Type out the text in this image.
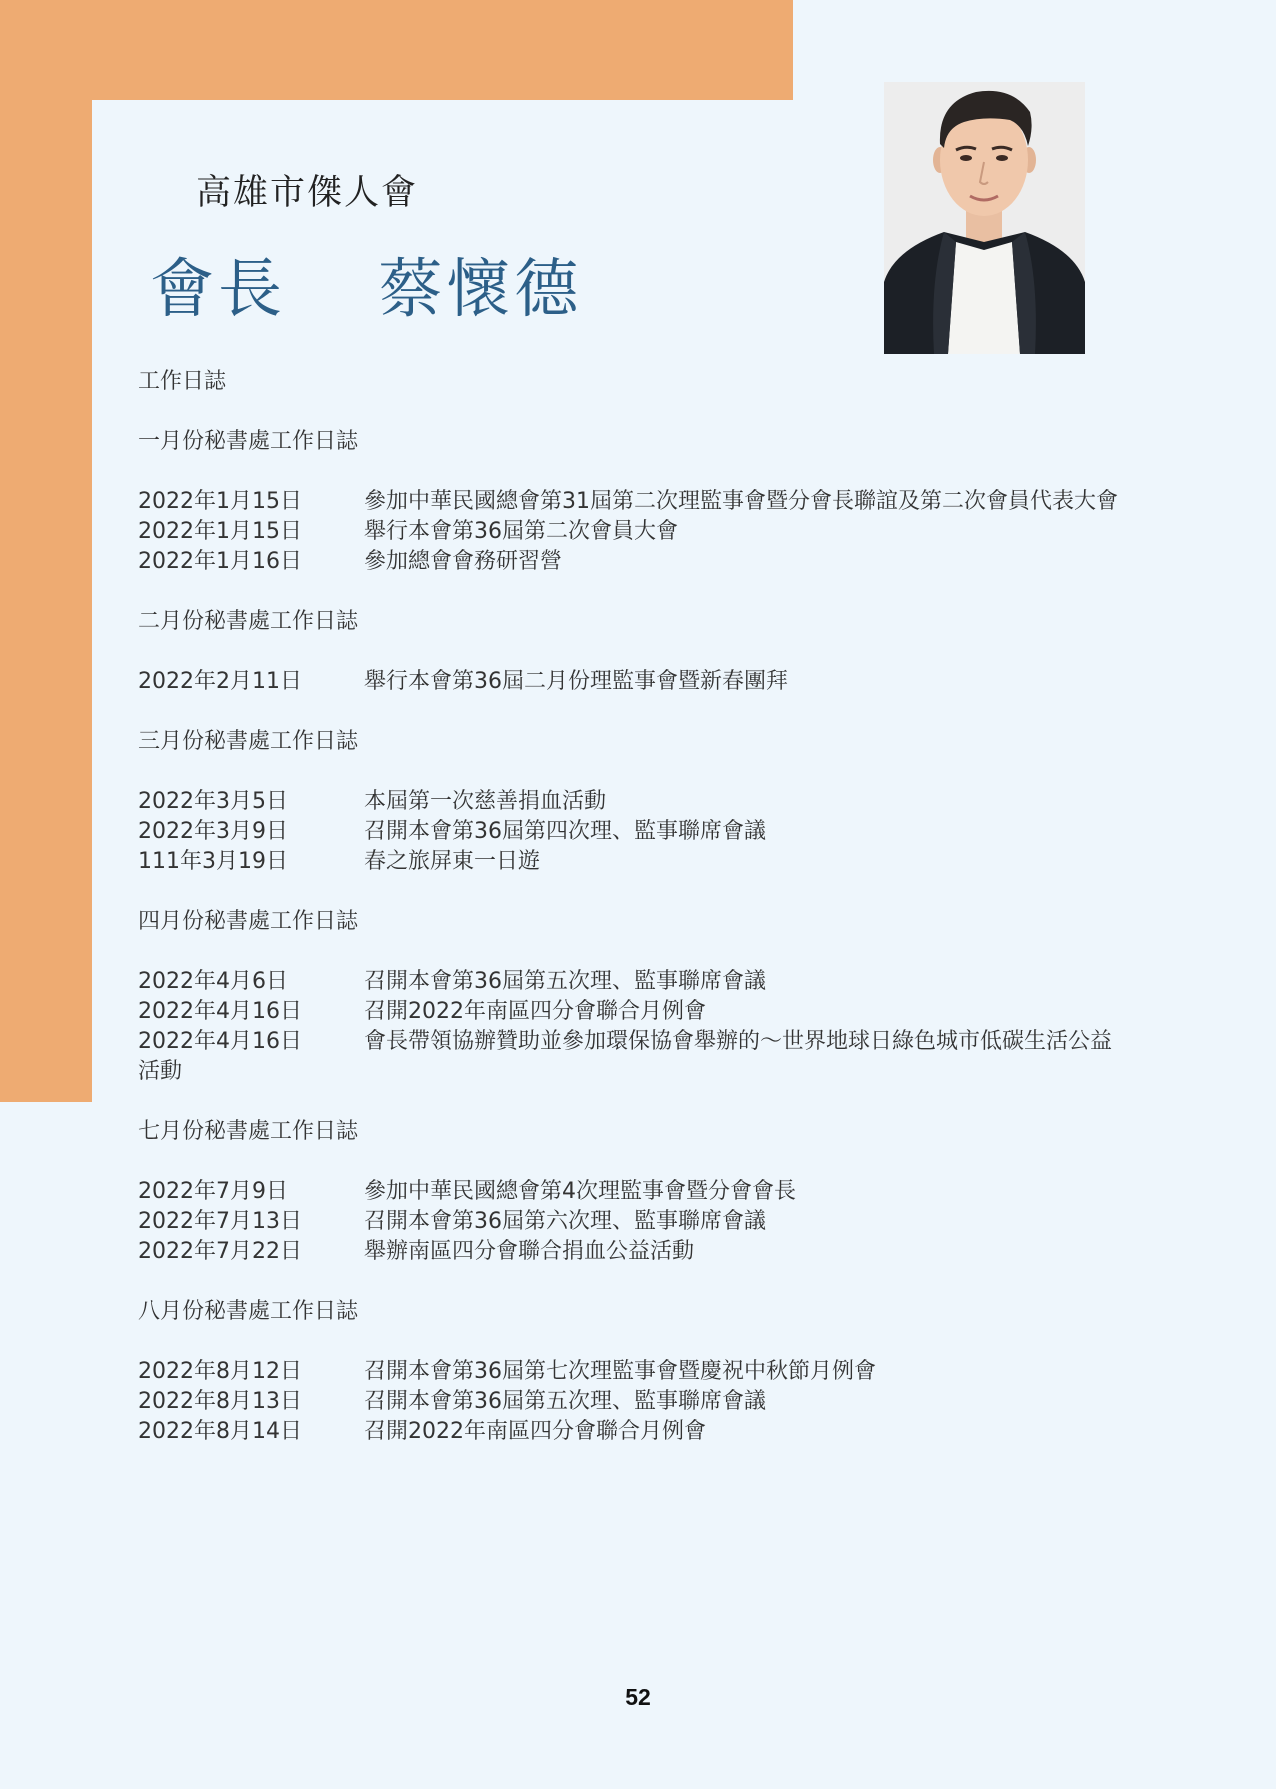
高雄市傑人會
會長　 蔡懷德
工作日誌
一月份秘書處工作日誌
2022年1月15日	參加中華民國總會第31屆第二次理監事會暨分會長聯誼及第二次會員代表大會
2022年1月15日	舉行本會第36屆第二次會員大會
2022年1月16日	參加總會會務研習營
二月份秘書處工作日誌
2022年2月11日	舉行本會第36屆二月份理監事會暨新春團拜
三月份秘書處工作日誌
2022年3月5日	本屆第一次慈善捐血活動
2022年3月9日	召開本會第36屆第四次理、監事聯席會議
111年3月19日	春之旅屏東一日遊
四月份秘書處工作日誌
2022年4月6日	召開本會第36屆第五次理、監事聯席會議
2022年4月16日	召開2022年南區四分會聯合月例會
2022年4月16日	會長帶領協辦贊助並參加環保協會舉辦的～世界地球日綠色城市低碳生活公益
活動
七月份秘書處工作日誌
2022年7月9日	參加中華民國總會第4次理監事會暨分會會長
2022年7月13日	召開本會第36屆第六次理、監事聯席會議
2022年7月22日	舉辦南區四分會聯合捐血公益活動
八月份秘書處工作日誌
2022年8月12日	召開本會第36屆第七次理監事會暨慶祝中秋節月例會
2022年8月13日	召開本會第36屆第五次理、監事聯席會議
2022年8月14日	召開2022年南區四分會聯合月例會
52
